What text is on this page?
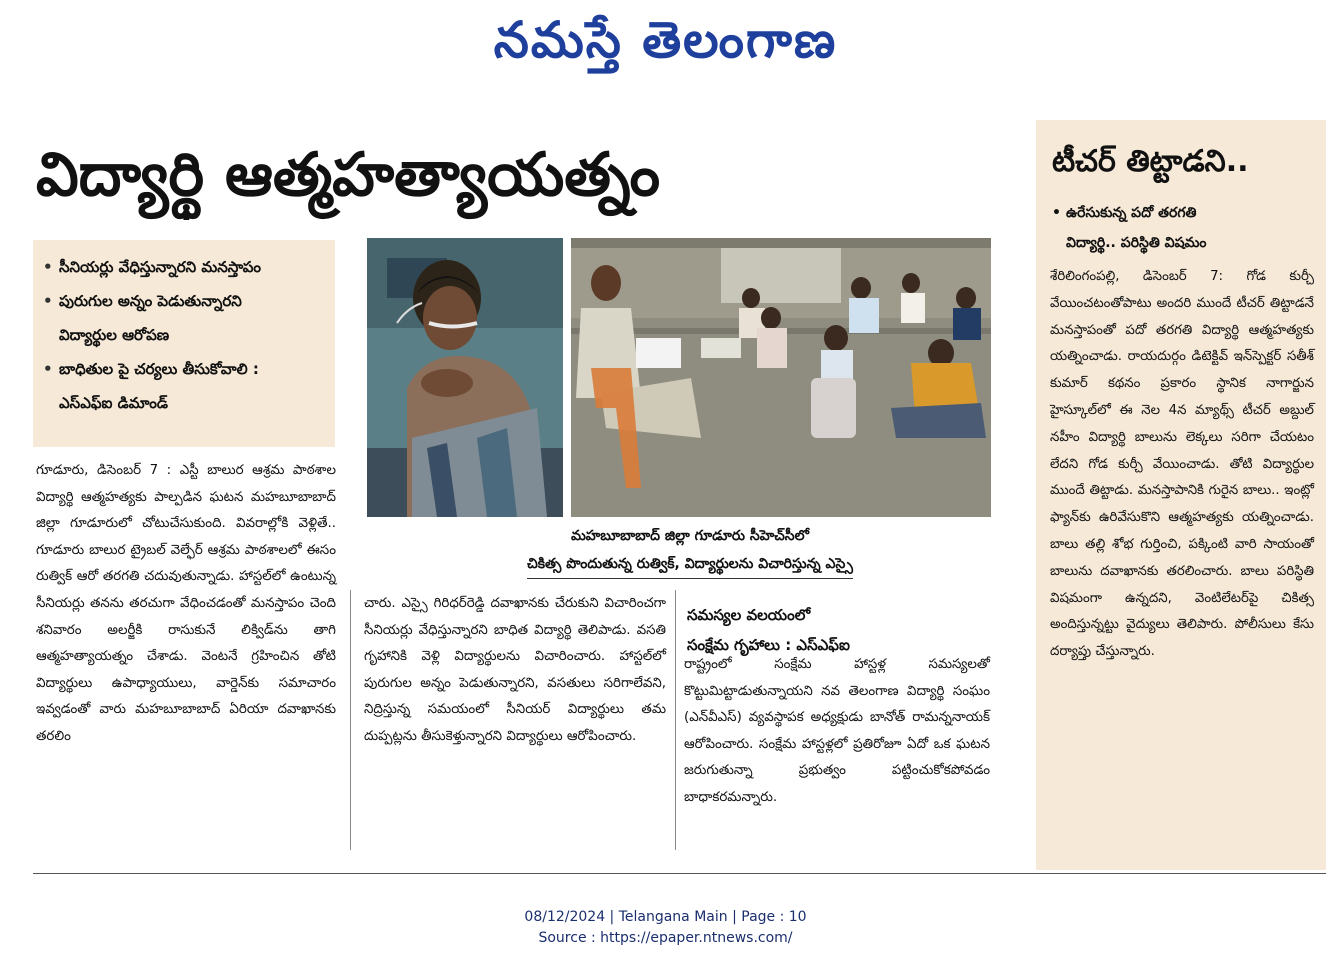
నమస్తే తెలంగాణ
విద్యార్థి ఆత్మహత్యాయత్నం
• సీనియర్లు వేధిస్తున్నారని మనస్తాపం
• పురుగుల అన్నం పెడుతున్నారని
విద్యార్థుల ఆరోపణ
• బాధితుల పై చర్యలు తీసుకోవాలి :
ఎస్ఎఫ్ఐ డిమాండ్
మహబూబాబాద్ జిల్లా గూడూరు సీహెచ్‌సీలో
చికిత్స పొందుతున్న రుత్విక్, విద్యార్థులను విచారిస్తున్న ఎస్సై

గూడూరు, డిసెంబర్ 7 : ఎస్టీ బాలుర ఆశ్రమ పాఠశాల విద్యార్థి ఆత్మహత్యకు పాల్పడిన ఘటన మహబూబాబాద్ జిల్లా గూడూరులో చోటుచేసుకుంది. వివరాల్లోకి వెళ్లితే.. గూడూరు బాలుర ట్రైబల్ వెల్ఫేర్ ఆశ్రమ పాఠశాలలో ఈసం రుత్విక్ ఆరో తరగతి చదువుతున్నాడు. హాస్టల్‌లో ఉంటున్న సీనియర్లు తనను తరచుగా వేధించడంతో మనస్తాపం చెంది శనివారం అలర్జీకి రాసుకునే లిక్విడ్‌ను తాగి ఆత్మహత్యాయత్నం చేశాడు. వెంటనే గ్రహించిన తోటి విద్యార్థులు ఉపాధ్యాయులు, వార్డెన్‌కు సమాచారం ఇవ్వడంతో వారు మహబూబాబాద్ ఏరియా దవాఖానకు తరలిం

చారు. ఎస్సై గిరిధర్‌రెడ్డి దవాఖానకు చేరుకుని విచారించగా సీనియర్లు వేధిస్తున్నారని బాధిత విద్యార్థి తెలిపాడు. వసతి గృహానికి వెళ్లి విద్యార్థులను విచారించారు. హాస్టల్‌లో పురుగుల అన్నం పెడుతున్నారని, వసతులు సరిగాలేవని, నిద్రిస్తున్న సమయంలో సీనియర్ విద్యార్థులు తమ దుప్పట్లను తీసుకెళ్తున్నారని విద్యార్థులు ఆరోపించారు.

సమస్యల వలయంలో
సంక్షేమ గృహాలు : ఎస్ఎఫ్ఐ

రాష్ట్రంలో సంక్షేమ హాస్టళ్ల సమస్యలతో కొట్టుమిట్టాడుతున్నాయని నవ తెలంగాణ విద్యార్థి సంఘం (ఎన్‌వీఎస్) వ్యవస్థాపక అధ్యక్షుడు బానోత్ రామన్ననాయక్ ఆరోపించారు. సంక్షేమ హాస్టళ్లలో ప్రతిరోజూ ఏదో ఒక ఘటన జరుగుతున్నా ప్రభుత్వం పట్టించుకోకపోవడం బాధాకరమన్నారు.

టీచర్ తిట్టాడని..
• ఉరేసుకున్న పదో తరగతి
విద్యార్థి.. పరిస్థితి విషమం

శేరిలింగంపల్లి, డిసెంబర్ 7: గోడ కుర్చీ వేయించటంతోపాటు అందరి ముందే టీచర్ తిట్టాడనే మనస్తాపంతో పదో తరగతి విద్యార్థి ఆత్మహత్యకు యత్నించాడు. రాయదుర్గం డిటెక్టివ్ ఇన్‌స్పెక్టర్ సతీశ్ కుమార్ కథనం ప్రకారం స్థానిక నాగార్జున హైస్కూల్‌లో ఈ నెల 4న మ్యాథ్స్ టీచర్ అబ్దుల్ నహీం విద్యార్థి బాలును లెక్కలు సరిగా చేయటం లేదని గోడ కుర్చీ వేయించాడు. తోటి విద్యార్థుల ముందే తిట్టాడు. మనస్తాపానికి గురైన బాలు.. ఇంట్లో ఫ్యాన్‌కు ఉరివేసుకొని ఆత్మహత్యకు యత్నించాడు. బాలు తల్లి శోభ గుర్తించి, పక్కింటి వారి సాయంతో బాలును దవాఖానకు తరలించారు. బాలు పరిస్థితి విషమంగా ఉన్నదని, వెంటిలేటర్‌పై చికిత్స అందిస్తున్నట్టు వైద్యులు తెలిపారు. పోలీసులు కేసు దర్యాప్తు చేస్తున్నారు.

08/12/2024 | Telangana Main | Page : 10
Source : https://epaper.ntnews.com/
